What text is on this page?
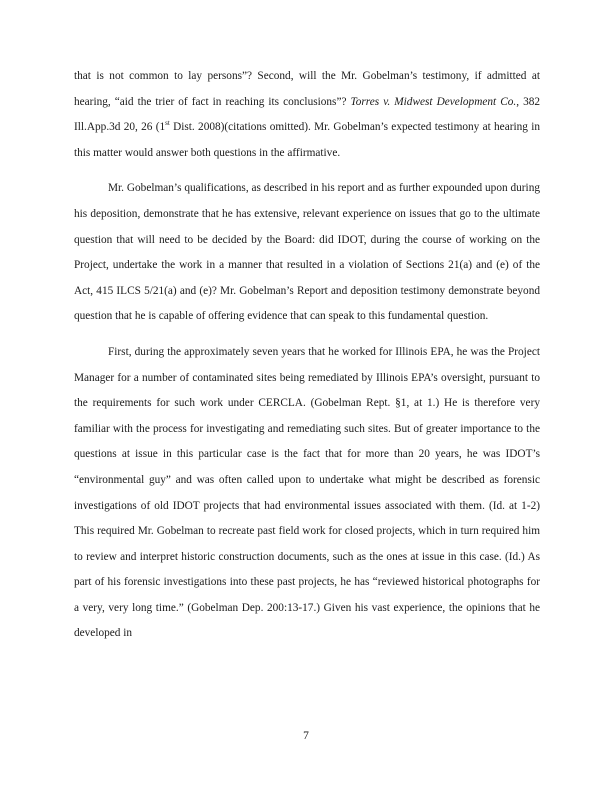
that is not common to lay persons”? Second, will the Mr. Gobelman’s testimony, if admitted at hearing, “aid the trier of fact in reaching its conclusions”? Torres v. Midwest Development Co., 382 Ill.App.3d 20, 26 (1st Dist. 2008)(citations omitted). Mr. Gobelman’s expected testimony at hearing in this matter would answer both questions in the affirmative.

Mr. Gobelman’s qualifications, as described in his report and as further expounded upon during his deposition, demonstrate that he has extensive, relevant experience on issues that go to the ultimate question that will need to be decided by the Board: did IDOT, during the course of working on the Project, undertake the work in a manner that resulted in a violation of Sections 21(a) and (e) of the Act, 415 ILCS 5/21(a) and (e)? Mr. Gobelman’s Report and deposition testimony demonstrate beyond question that he is capable of offering evidence that can speak to this fundamental question.

First, during the approximately seven years that he worked for Illinois EPA, he was the Project Manager for a number of contaminated sites being remediated by Illinois EPA’s oversight, pursuant to the requirements for such work under CERCLA. (Gobelman Rept. §1, at 1.) He is therefore very familiar with the process for investigating and remediating such sites. But of greater importance to the questions at issue in this particular case is the fact that for more than 20 years, he was IDOT’s “environmental guy” and was often called upon to undertake what might be described as forensic investigations of old IDOT projects that had environmental issues associated with them. (Id. at 1-2) This required Mr. Gobelman to recreate past field work for closed projects, which in turn required him to review and interpret historic construction documents, such as the ones at issue in this case. (Id.) As part of his forensic investigations into these past projects, he has “reviewed historical photographs for a very, very long time.” (Gobelman Dep. 200:13-17.) Given his vast experience, the opinions that he developed in

7
